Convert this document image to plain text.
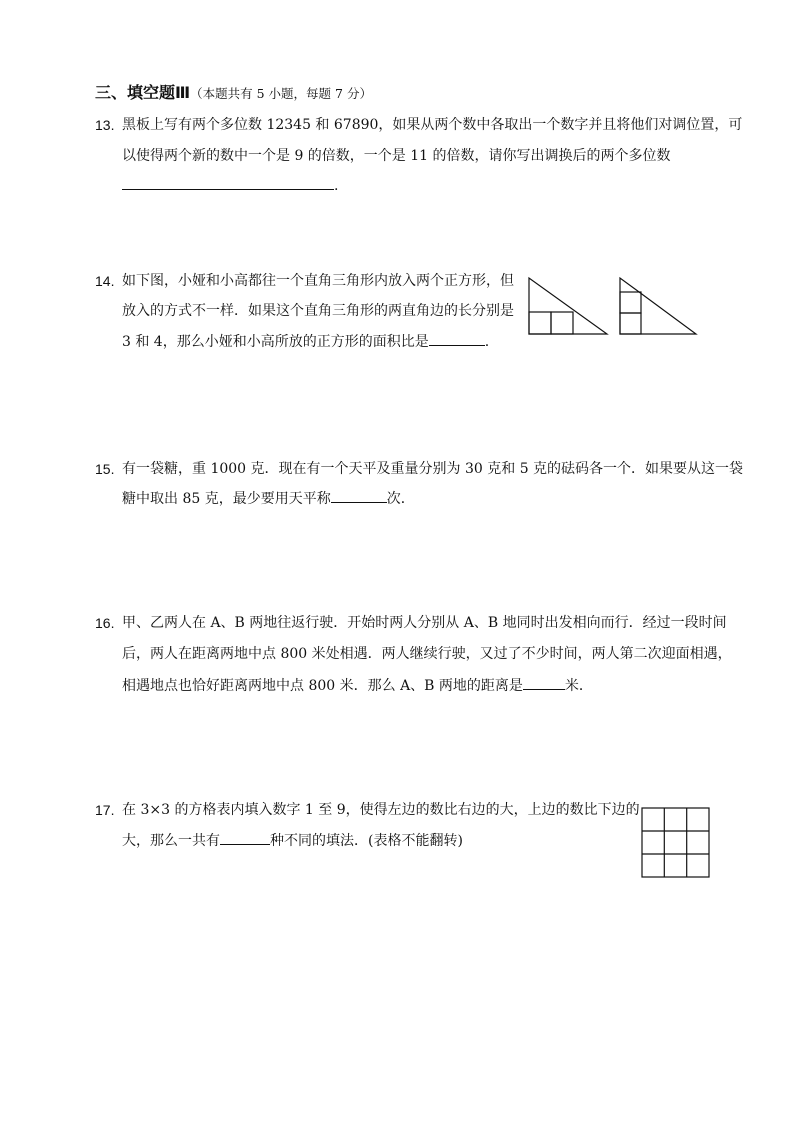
三、填空题Ⅲ（本题共有 5 小题，每题 7 分）
13. 黑板上写有两个多位数 12345 和 67890，如果从两个数中各取出一个数字并且将他们对调位置，可
以使得两个新的数中一个是 9 的倍数，一个是 11 的倍数，请你写出调换后的两个多位数
.
14. 如下图，小娅和小高都往一个直角三角形内放入两个正方形，但
放入的方式不一样．如果这个直角三角形的两直角边的长分别是
3 和 4，那么小娅和小高所放的正方形的面积比是	.
15. 有一袋糖，重 1000 克．现在有一个天平及重量分别为 30 克和 5 克的砝码各一个．如果要从这一袋
糖中取出 85 克，最少要用天平称	次．
16. 甲、乙两人在 A、B 两地往返行驶．开始时两人分别从 A、B 地同时出发相向而行．经过一段时间
后，两人在距离两地中点 800 米处相遇．两人继续行驶，又过了不少时间，两人第二次迎面相遇，
相遇地点也恰好距离两地中点 800 米．那么 A、B 两地的距离是	米．
17. 在 3×3 的方格表内填入数字 1 至 9，使得左边的数比右边的大，上边的数比下边的
大，那么一共有	种不同的填法．(表格不能翻转)
